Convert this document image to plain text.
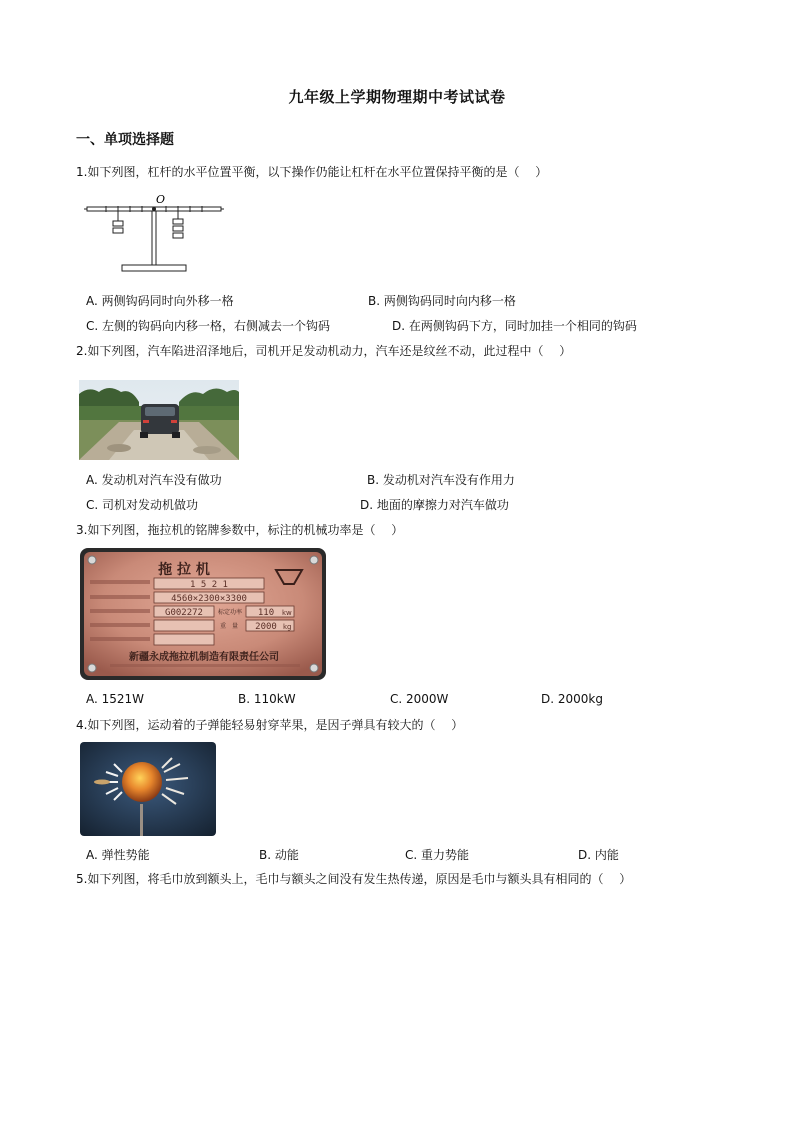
九年级上学期物理期中考试试卷
一、单项选择题
1.如下列图，杠杆的水平位置平衡，以下操作仍能让杠杆在水平位置保持平衡的是（　 ）
O
A. 两侧钩码同时向外移一格	B. 两侧钩码同时向内移一格
C. 左侧的钩码向内移一格，右侧减去一个钩码	D. 在两侧钩码下方，同时加挂一个相同的钩码
2.如下列图，汽车陷进沼泽地后，司机开足发动机动力，汽车还是纹丝不动，此过程中（　 ）
A. 发动机对汽车没有做功	B. 发动机对汽车没有作用力
C. 司机对发动机做功	D. 地面的摩擦力对汽车做功
3.如下列图，拖拉机的铭牌参数中，标注的机械功率是（　 ）
拖 拉 机
1 5 2 1
4560×2300×3300
G002272	标定功率 110 kw
重　量 2000 kg
新疆永成拖拉机制造有限责任公司
A. 1521W	B. 110kW	C. 2000W	D. 2000kg
4.如下列图，运动着的子弹能轻易射穿苹果，是因子弹具有较大的（　 ）
A. 弹性势能	B. 动能	C. 重力势能	D. 内能
5.如下列图，将毛巾放到额头上，毛巾与额头之间没有发生热传递，原因是毛巾与额头具有相同的（　 ）
